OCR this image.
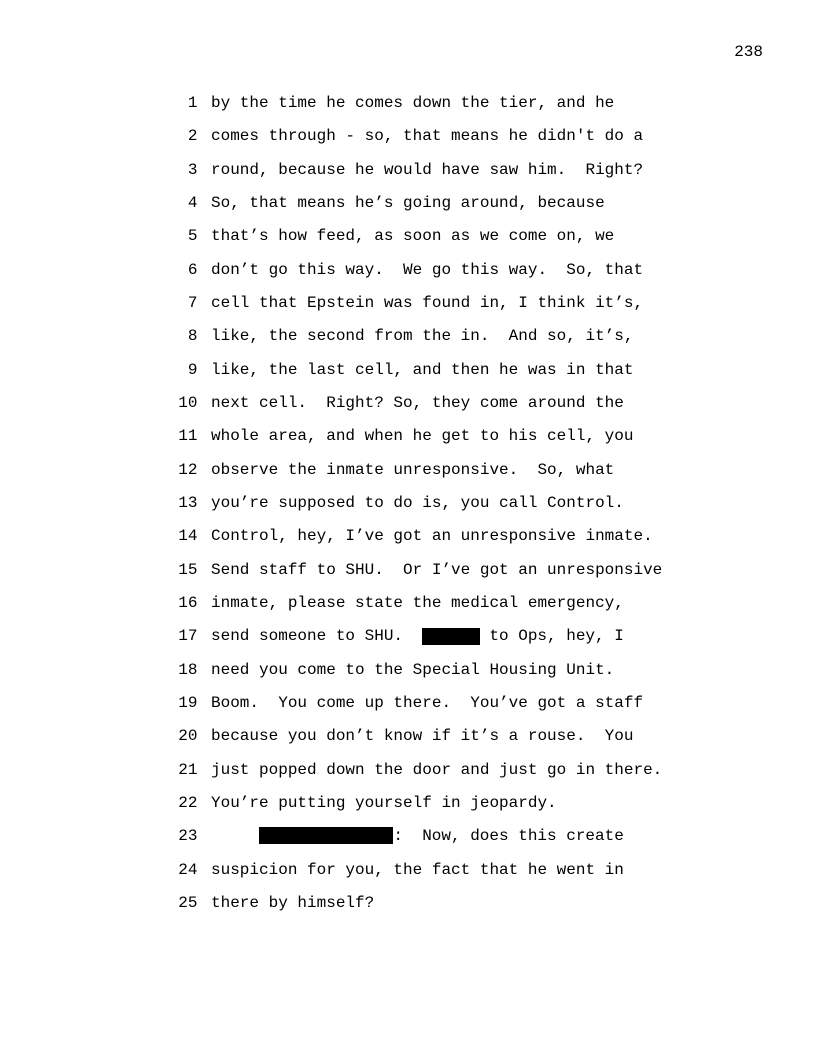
238
1 by the time he comes down the tier, and he
2 comes through - so, that means he didn't do a
3 round, because he would have saw him.  Right?
4 So, that means he’s going around, because
5 that’s how feed, as soon as we come on, we
6 don’t go this way.  We go this way.  So, that
7 cell that Epstein was found in, I think it’s,
8 like, the second from the in.  And so, it’s,
9 like, the last cell, and then he was in that
10 next cell.  Right? So, they come around the
11 whole area, and when he get to his cell, you
12 observe the inmate unresponsive.  So, what
13 you’re supposed to do is, you call Control.
14 Control, hey, I’ve got an unresponsive inmate.
15 Send staff to SHU.  Or I’ve got an unresponsive
16 inmate, please state the medical emergency,
17 send someone to SHU.	to Ops, hey, I
18 need you come to the Special Housing Unit.
19 Boom.  You come up there.  You’ve got a staff
20 because you don’t know if it’s a rouse.  You
21 just popped down the door and just go in there.
22 You’re putting yourself in jeopardy.
23	:  Now, does this create
24 suspicion for you, the fact that he went in
25 there by himself?
